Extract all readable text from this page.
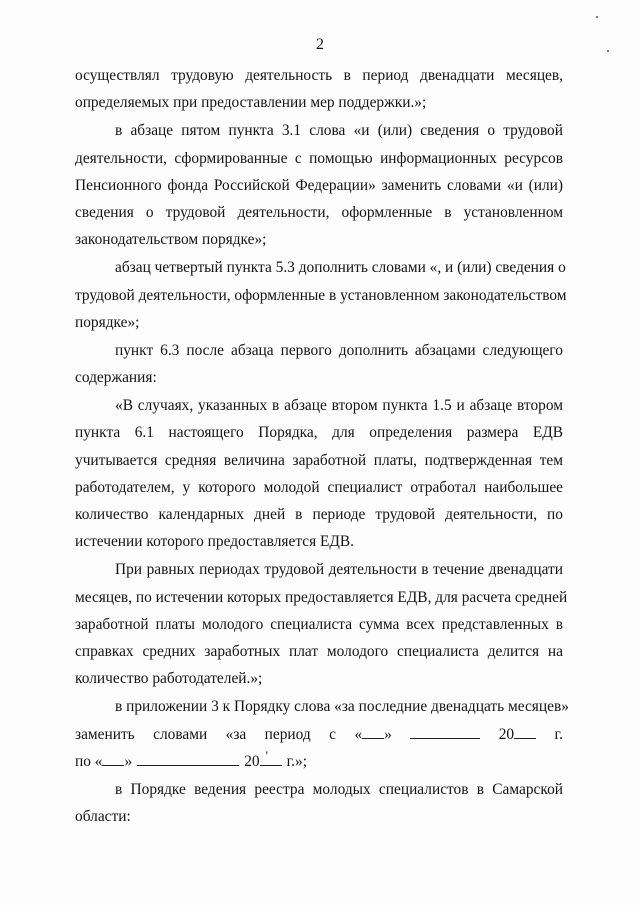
2
осуществлял трудовую деятельность в период двенадцати месяцев,
определяемых при предоставлении мер поддержки.»;
в абзаце пятом пункта 3.1 слова «и (или) сведения о трудовой
деятельности, сформированные с помощью информационных ресурсов
Пенсионного фонда Российской Федерации» заменить словами «и (или)
сведения о трудовой деятельности, оформленные в установленном
законодательством порядке»;
абзац четвертый пункта 5.3 дополнить словами «, и (или) сведения о
трудовой деятельности, оформленные в установленном законодательством
порядке»;
пункт 6.3 после абзаца первого дополнить абзацами следующего
содержания:
«В случаях, указанных в абзаце втором пункта 1.5 и абзаце втором
пункта 6.1 настоящего Порядка, для определения размера ЕДВ
учитывается средняя величина заработной платы, подтвержденная тем
работодателем, у которого молодой специалист отработал наибольшее
количество календарных дней в периоде трудовой деятельности, по
истечении которого предоставляется ЕДВ.
При равных периодах трудовой деятельности в течение двенадцати
месяцев, по истечении которых предоставляется ЕДВ, для расчета средней
заработной платы молодого специалиста сумма всех представленных в
справках средних заработных плат молодого специалиста делится на
количество работодателей.»;
в приложении 3 к Порядку слова «за последние двенадцать месяцев»
заменить словами «за период с « »	20	г.
по « »	20 ' г.»;
в Порядке ведения реестра молодых специалистов в Самарской
области:
